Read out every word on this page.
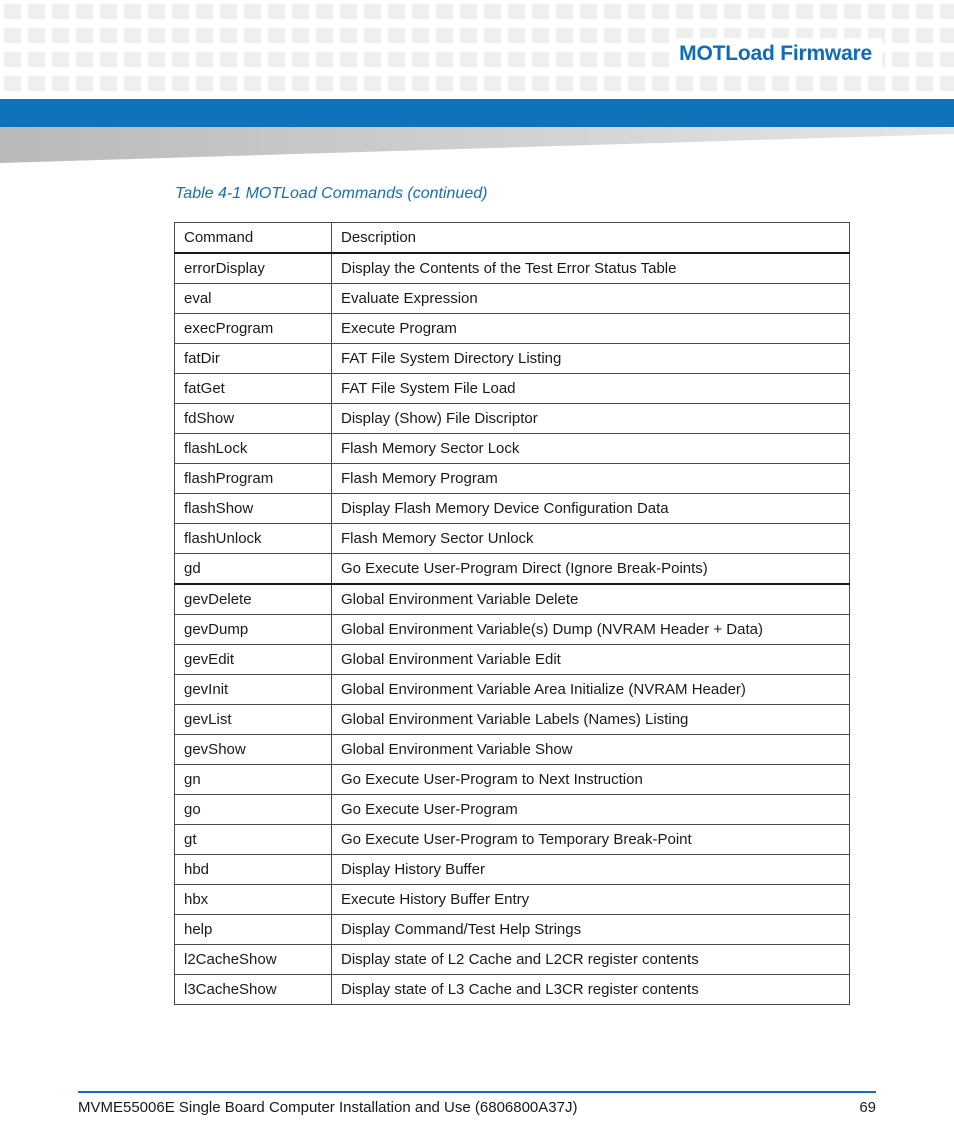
MOTLoad Firmware
Table 4-1 MOTLoad Commands (continued)
Command	Description
errorDisplay	Display the Contents of the Test Error Status Table
eval	Evaluate Expression
execProgram	Execute Program
fatDir	FAT File System Directory Listing
fatGet	FAT File System File Load
fdShow	Display (Show) File Discriptor
flashLock	Flash Memory Sector Lock
flashProgram	Flash Memory Program
flashShow	Display Flash Memory Device Configuration Data
flashUnlock	Flash Memory Sector Unlock
gd	Go Execute User-Program Direct (Ignore Break-Points)
gevDelete	Global Environment Variable Delete
gevDump	Global Environment Variable(s) Dump (NVRAM Header + Data)
gevEdit	Global Environment Variable Edit
gevInit	Global Environment Variable Area Initialize (NVRAM Header)
gevList	Global Environment Variable Labels (Names) Listing
gevShow	Global Environment Variable Show
gn	Go Execute User-Program to Next Instruction
go	Go Execute User-Program
gt	Go Execute User-Program to Temporary Break-Point
hbd	Display History Buffer
hbx	Execute History Buffer Entry
help	Display Command/Test Help Strings
l2CacheShow	Display state of L2 Cache and L2CR register contents
l3CacheShow	Display state of L3 Cache and L3CR register contents
MVME55006E Single Board Computer Installation and Use (6806800A37J)	69
